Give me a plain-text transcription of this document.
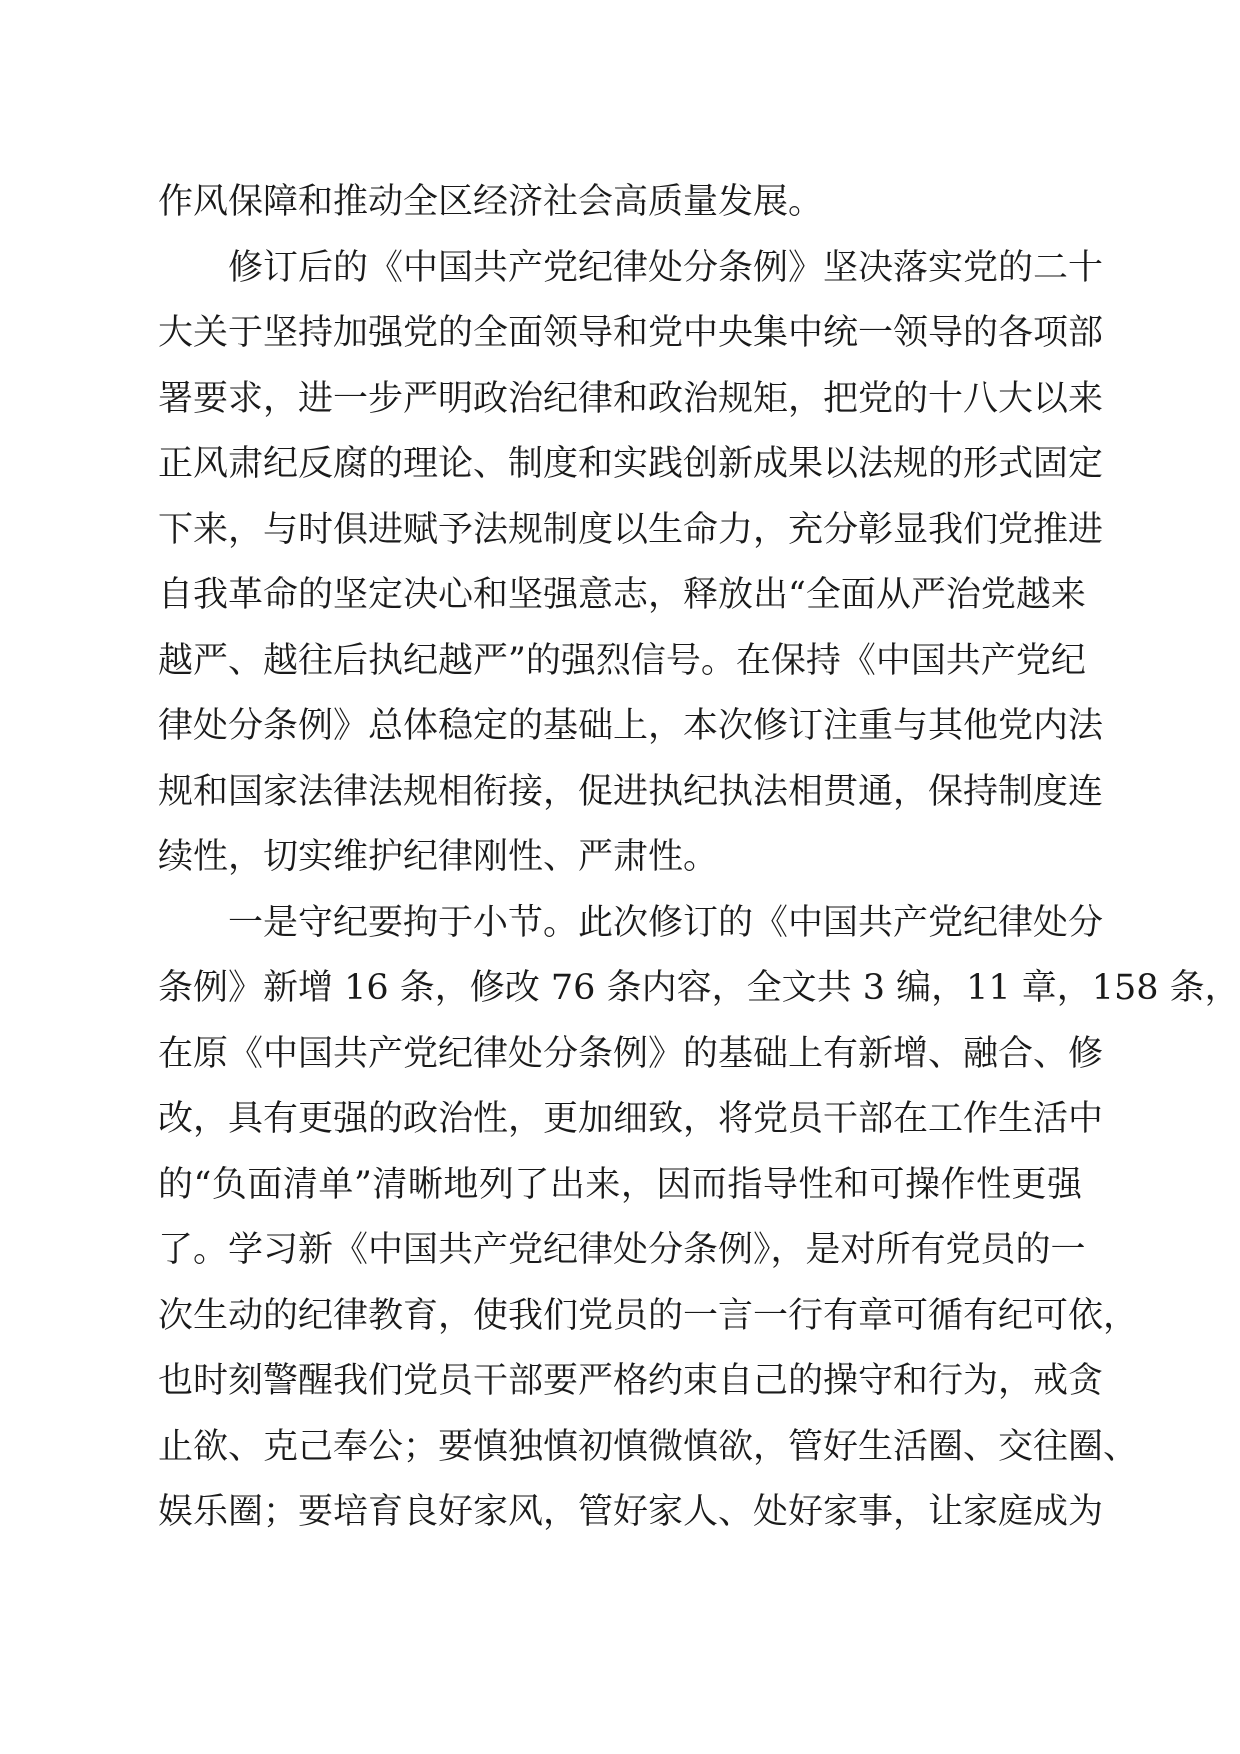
作风保障和推动全区经济社会高质量发展。
修订后的《中国共产党纪律处分条例》坚决落实党的二十
大关于坚持加强党的全面领导和党中央集中统一领导的各项部
署要求，进一步严明政治纪律和政治规矩，把党的十八大以来
正风肃纪反腐的理论、制度和实践创新成果以法规的形式固定
下来，与时俱进赋予法规制度以生命力，充分彰显我们党推进
自我革命的坚定决心和坚强意志，释放出“全面从严治党越来
越严、越往后执纪越严”的强烈信号。在保持《中国共产党纪
律处分条例》总体稳定的基础上，本次修订注重与其他党内法
规和国家法律法规相衔接，促进执纪执法相贯通，保持制度连
续性，切实维护纪律刚性、严肃性。
一是守纪要拘于小节。此次修订的《中国共产党纪律处分
条例》新增 16 条，修改 76 条内容，全文共 3 编，11 章，158 条，
在原《中国共产党纪律处分条例》的基础上有新增、融合、修
改，具有更强的政治性，更加细致，将党员干部在工作生活中
的“负面清单”清晰地列了出来，因而指导性和可操作性更强
了。学习新《中国共产党纪律处分条例》，是对所有党员的一
次生动的纪律教育，使我们党员的一言一行有章可循有纪可依，
也时刻警醒我们党员干部要严格约束自己的操守和行为，戒贪
止欲、克己奉公；要慎独慎初慎微慎欲，管好生活圈、交往圈、
娱乐圈；要培育良好家风，管好家人、处好家事，让家庭成为
